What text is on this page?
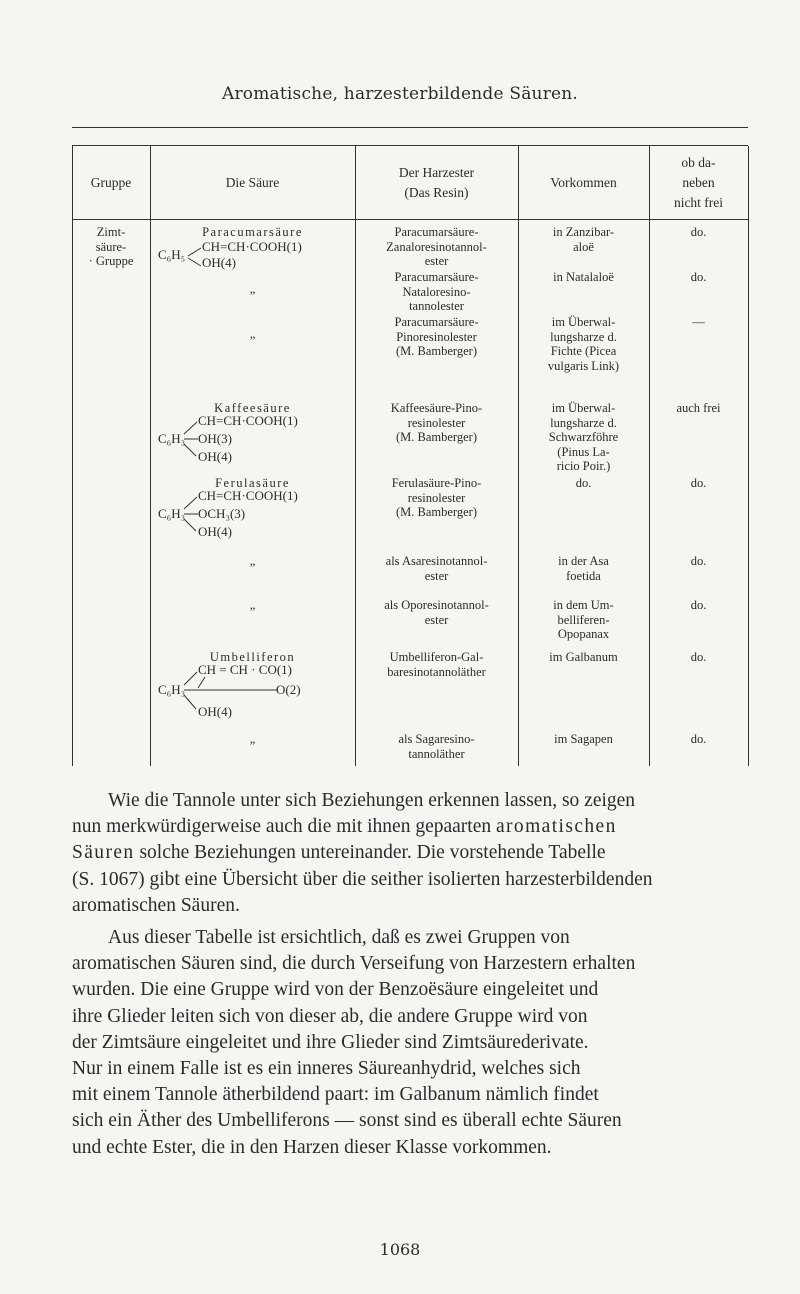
Aromatische, harzesterbildende Säuren.
Gruppe	Die Säure
Der Harzester
(Das Resin)
Vorkommen
ob da-
neben
nicht frei
Zimt-
säure-
· Gruppe
Paracumarsäure
C₆H₅
CH=CH·COOH(1)
OH(4)
„
„
Kaffeesäure
C₆H₃
CH=CH·COOH(1)
OH(3)
OH(4)
Ferulasäure
C₆H₃
CH=CH·COOH(1)
OCH₃(3)
OH(4)
„
„
Umbelliferon
C₆H₃
CH = CH · CO(1)
O(2)
OH(4)
„
Paracumarsäure-
Zanaloresinotannol-
ester
Paracumarsäure-
Nataloresino-
tannolester
Paracumarsäure-
Pinoresinolester
(M. Bamberger)
Kaffeesäure-Pino-
resinolester
(M. Bamberger)
Ferulasäure-Pino-
resinolester
(M. Bamberger)
als Asaresinotannol-
ester
als Oporesinotannol-
ester
Umbelliferon-Gal-
baresinotannoläther
als Sagaresino-
tannoläther
in Zanzibar-
aloë
in Natalaloë
im Überwal-
lungsharze d.
Fichte (Picea
vulgaris Link)
im Überwal-
lungsharze d.
Schwarzföhre
(Pinus La-
ricio Poir.)
do.
in der Asa
foetida
in dem Um-
belliferen-
Opopanax
im Galbanum
im Sagapen
do.
do.
—
auch frei
do.
do.
do.
do.
do.
Wie die Tannole unter sich Beziehungen erkennen lassen, so zeigen
nun merkwürdigerweise auch die mit ihnen gepaarten aromatischen
Säuren solche Beziehungen untereinander. Die vorstehende Tabelle
(S. 1067) gibt eine Übersicht über die seither isolierten harzesterbildenden
aromatischen Säuren.
Aus dieser Tabelle ist ersichtlich, daß es zwei Gruppen von
aromatischen Säuren sind, die durch Verseifung von Harzestern erhalten
wurden. Die eine Gruppe wird von der Benzoësäure eingeleitet und
ihre Glieder leiten sich von dieser ab, die andere Gruppe wird von
der Zimtsäure eingeleitet und ihre Glieder sind Zimtsäurederivate.
Nur in einem Falle ist es ein inneres Säureanhydrid, welches sich
mit einem Tannole ätherbildend paart: im Galbanum nämlich findet
sich ein Äther des Umbelliferons — sonst sind es überall echte Säuren
und echte Ester, die in den Harzen dieser Klasse vorkommen.
1068
